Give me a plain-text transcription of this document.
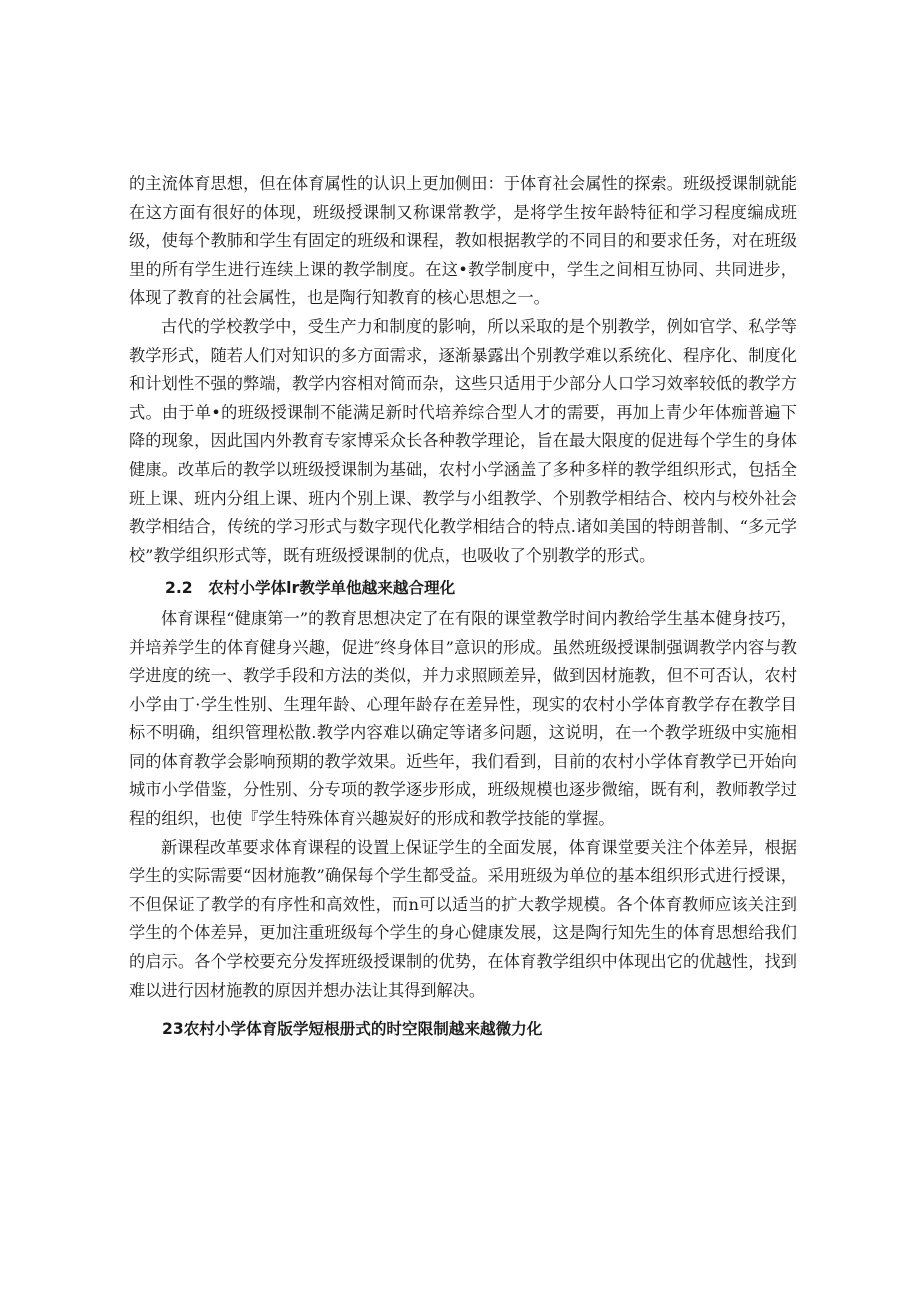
的主流体育思想，但在体育属性的认识上更加侧田：于体育社会属性的探索。班级授课制就能在这方面有很好的体现，班级授课制又称课常教学，是将学生按年龄特征和学习程度编成班级，使每个教肺和学生有固定的班级和课程，教如根据教学的不同目的和要求任务，对在班级里的所有学生进行连续上课的教学制度。在这•教学制度中，学生之间相互协同、共同进步，体现了教育的社会属性，也是陶行知教育的核心思想之一。

古代的学校教学中，受生产力和制度的影响，所以采取的是个别教学，例如官学、私学等教学形式，随若人们对知识的多方面需求，逐渐暴露出个别教学难以系统化、程序化、制度化和计划性不强的弊端，教学内容相对简而杂，这些只适用于少部分人口学习效率较低的教学方式。由于单•的班级授课制不能满足新时代培养综合型人才的需要，再加上青少年体痂普遍下降的现象，因此国内外教育专家博采众长各种教学理论，旨在最大限度的促进每个学生的身体健康。改革后的教学以班级授课制为基础，农村小学涵盖了多种多样的教学组织形式，包括全班上课、班内分组上课、班内个别上课、教学与小组教学、个别教学相结合、校内与校外社会教学相结合，传统的学习形式与数字现代化教学相结合的特点.诸如美国的特朗普制、“多元学校”教学组织形式等，既有班级授课制的优点，也吸收了个别教学的形式。

2.2　农村小学体lr教学单他越来越合理化

体育课程“健康第一”的教育思想决定了在有限的课堂教学时间内教给学生基本健身技巧，并培养学生的体育健身兴趣，促进″终身体目”意识的形成。虽然班级授课制强调教学内容与教学进度的统一、教学手段和方法的类似，并力求照顾差异，做到因材施教，但不可否认，农村小学由丁·学生性别、生理年龄、心理年龄存在差异性，现实的农村小学体育教学存在教学目标不明确，组织管理松散.教学内容难以确定等诸多问题，这说明，在一个教学班级中实施相同的体育教学会影响预期的教学效果。近些年，我们看到，目前的农村小学体育教学已开始向城市小学借鉴，分性别、分专项的教学逐步形成，班级规模也逐步微缩，既有利，教师教学过程的组织，也使『学生特殊体育兴趣炭好的形成和教学技能的掌握。

新课程改革要求体育课程的设置上保证学生的全面发展，体育课堂要关注个体差异，根据学生的实际需要“因材施教”确保每个学生都受益。采用班级为单位的基本组织形式进行授课，不但保证了教学的有序性和高效性，而n可以适当的扩大教学规模。各个体育教师应该关注到学生的个体差异，更加注重班级每个学生的身心健康发展，这是陶行知先生的体育思想给我们的启示。各个学校要充分发挥班级授课制的优势，在体育教学组织中体现出它的优越性，找到难以进行因材施教的原因并想办法让其得到解决。

23农村小学体育版学短根册式的时空限制越来越微力化
